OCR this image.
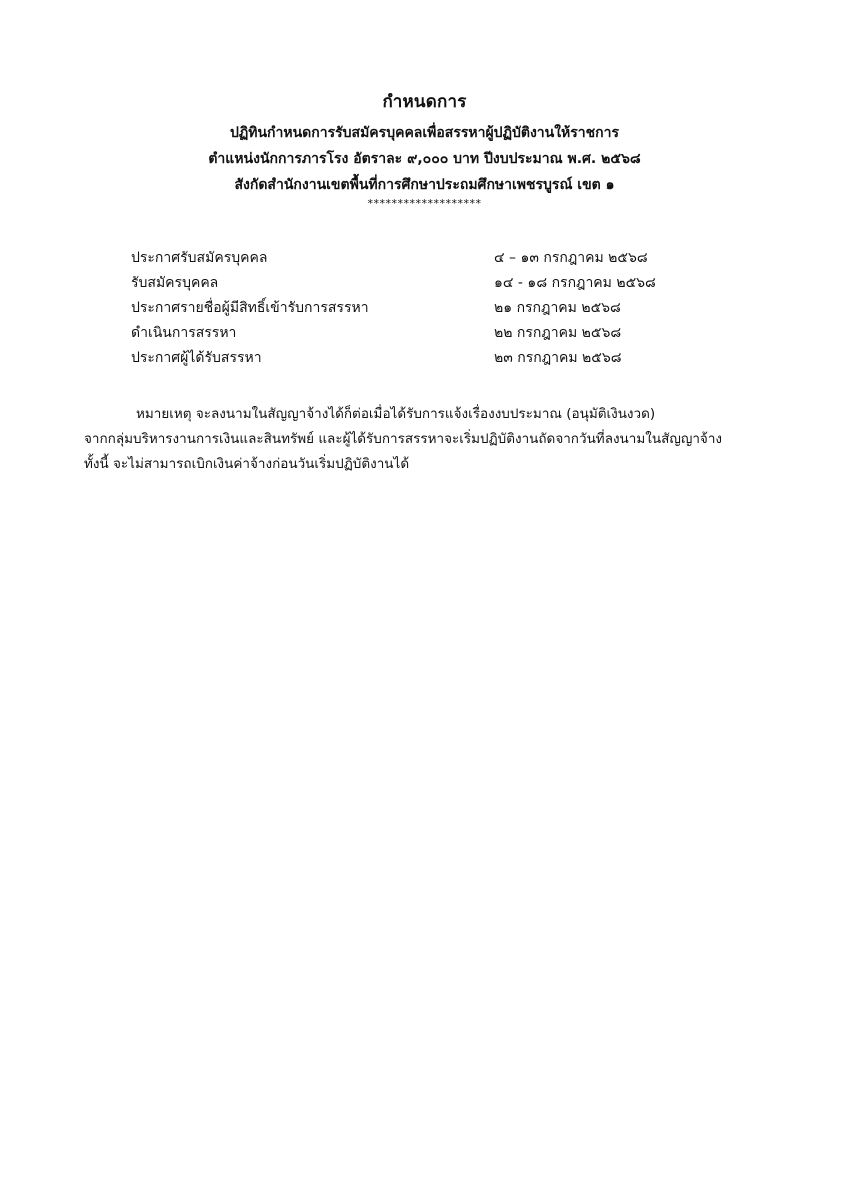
กำหนดการ
ปฏิทินกำหนดการรับสมัครบุคคลเพื่อสรรหาผู้ปฏิบัติงานให้ราชการ
ตำแหน่งนักการภารโรง อัตราละ ๙,๐๐๐ บาท ปีงบประมาณ พ.ศ. ๒๕๖๘
สังกัดสำนักงานเขตพื้นที่การศึกษาประถมศึกษาเพชรบูรณ์ เขต ๑
*******************
ประกาศรับสมัครบุคคล	๔ – ๑๓ กรกฎาคม ๒๕๖๘
รับสมัครบุคคล	๑๔ - ๑๘ กรกฎาคม ๒๕๖๘
ประกาศรายชื่อผู้มีสิทธิ์เข้ารับการสรรหา	๒๑ กรกฎาคม ๒๕๖๘
ดำเนินการสรรหา	๒๒ กรกฎาคม ๒๕๖๘
ประกาศผู้ได้รับสรรหา	๒๓ กรกฎาคม ๒๕๖๘
หมายเหตุ จะลงนามในสัญญาจ้างได้ก็ต่อเมื่อได้รับการแจ้งเรื่องงบประมาณ (อนุมัติเงินงวด)
จากกลุ่มบริหารงานการเงินและสินทรัพย์ และผู้ได้รับการสรรหาจะเริ่มปฏิบัติงานถัดจากวันที่ลงนามในสัญญาจ้าง
ทั้งนี้ จะไม่สามารถเบิกเงินค่าจ้างก่อนวันเริ่มปฏิบัติงานได้
